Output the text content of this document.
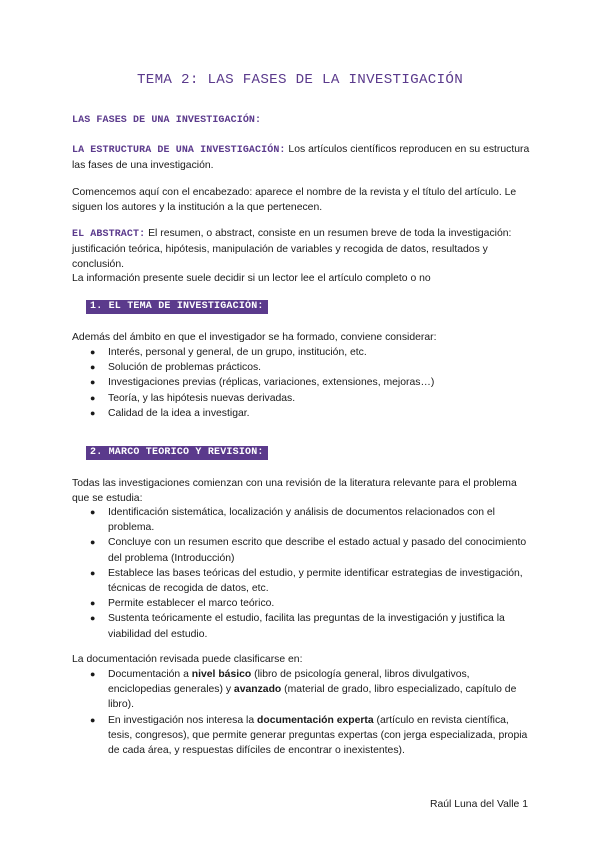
TEMA 2: LAS FASES DE LA INVESTIGACIÓN
LAS FASES DE UNA INVESTIGACIÓN:
LA ESTRUCTURA DE UNA INVESTIGACIÓN: Los artículos científicos reproducen en su estructura las fases de una investigación.
Comencemos aquí con el encabezado: aparece el nombre de la revista y el título del artículo. Le siguen los autores y la institución a la que pertenecen.
EL ABSTRACT: El resumen, o abstract, consiste en un resumen breve de toda la investigación: justificación teórica, hipótesis, manipulación de variables y recogida de datos, resultados y conclusión.
La información presente suele decidir si un lector lee el artículo completo o no
1. EL TEMA DE INVESTIGACIÓN:
Además del ámbito en que el investigador se ha formado, conviene considerar:
● Interés, personal y general, de un grupo, institución, etc.
● Solución de problemas prácticos.
● Investigaciones previas (réplicas, variaciones, extensiones, mejoras…)
● Teoría, y las hipótesis nuevas derivadas.
● Calidad de la idea a investigar.
2. MARCO TEORICO Y REVISION:
Todas las investigaciones comienzan con una revisión de la literatura relevante para el problema que se estudia:
● Identificación sistemática, localización y análisis de documentos relacionados con el problema.
● Concluye con un resumen escrito que describe el estado actual y pasado del conocimiento del problema (Introducción)
● Establece las bases teóricas del estudio, y permite identificar estrategias de investigación, técnicas de recogida de datos, etc.
● Permite establecer el marco teórico.
● Sustenta teóricamente el estudio, facilita las preguntas de la investigación y justifica la viabilidad del estudio.
La documentación revisada puede clasificarse en:
● Documentación a nivel básico (libro de psicología general, libros divulgativos, enciclopedias generales) y avanzado (material de grado, libro especializado, capítulo de libro).
● En investigación nos interesa la documentación experta (artículo en revista científica, tesis, congresos), que permite generar preguntas expertas (con jerga especializada, propia de cada área, y respuestas difíciles de encontrar o inexistentes).
Raúl Luna del Valle 1
